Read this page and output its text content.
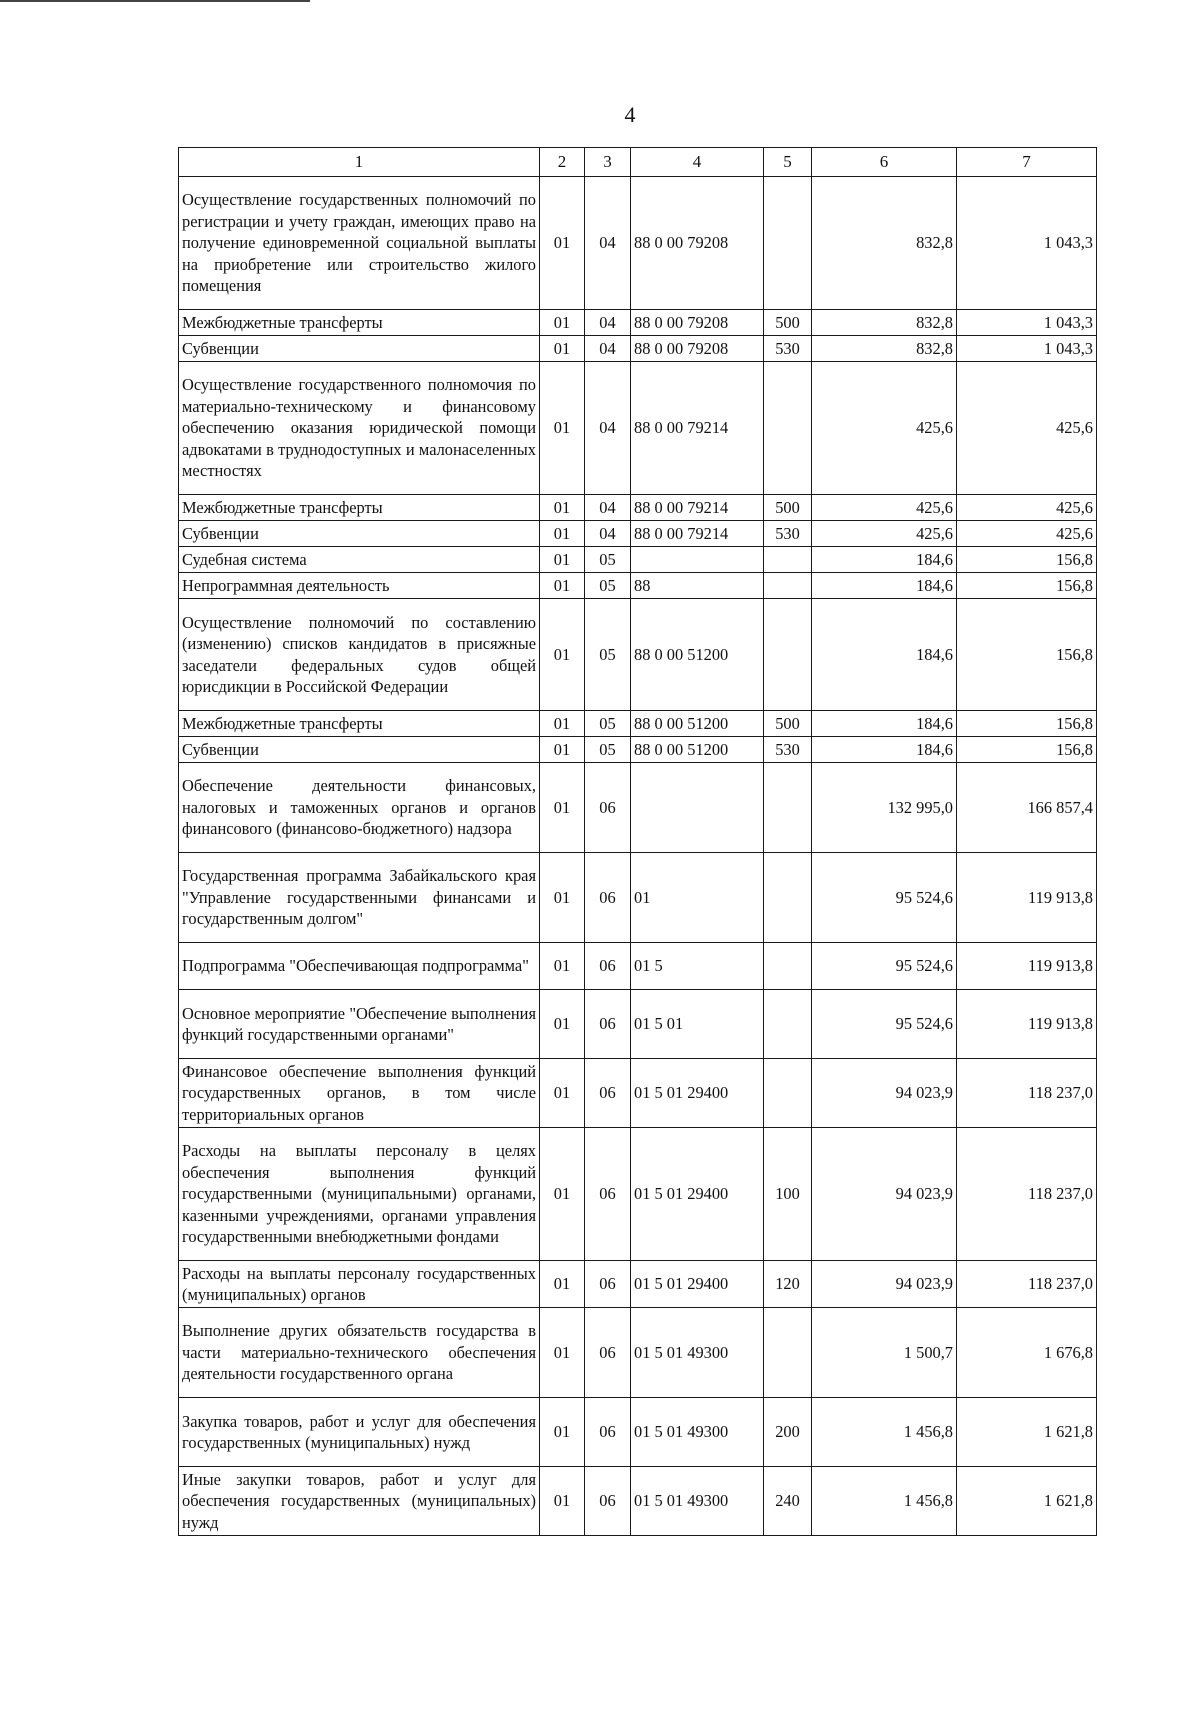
4
1	2	3	4	5	6	7
Осуществление государственных полномочий по регистрации и учету граждан, имеющих право на получение единовременной социальной выплаты на приобретение или строительство жилого помещения	01	04	88 0 00 79208		832,8	1 043,3
Межбюджетные трансферты	01	04	88 0 00 79208	500	832,8	1 043,3
Субвенции	01	04	88 0 00 79208	530	832,8	1 043,3
Осуществление государственного полномочия по материально-техническому и финансовому обеспечению оказания юридической помощи адвокатами в труднодоступных и малонаселенных местностях	01	04	88 0 00 79214		425,6	425,6
Межбюджетные трансферты	01	04	88 0 00 79214	500	425,6	425,6
Субвенции	01	04	88 0 00 79214	530	425,6	425,6
Судебная система	01	05			184,6	156,8
Непрограммная деятельность	01	05	88		184,6	156,8
Осуществление полномочий по составлению (изменению) списков кандидатов в присяжные заседатели федеральных судов общей юрисдикции в Российской Федерации	01	05	88 0 00 51200		184,6	156,8
Межбюджетные трансферты	01	05	88 0 00 51200	500	184,6	156,8
Субвенции	01	05	88 0 00 51200	530	184,6	156,8
Обеспечение деятельности финансовых, налоговых и таможенных органов и органов финансового (финансово-бюджетного) надзора	01	06			132 995,0	166 857,4
Государственная программа Забайкальского края "Управление государственными финансами и государственным долгом"	01	06	01		95 524,6	119 913,8
Подпрограмма "Обеспечивающая подпрограмма"	01	06	01 5		95 524,6	119 913,8
Основное мероприятие "Обеспечение выполнения функций государственными органами"	01	06	01 5 01		95 524,6	119 913,8
Финансовое обеспечение выполнения функций государственных органов, в том числе территориальных органов	01	06	01 5 01 29400		94 023,9	118 237,0
Расходы на выплаты персоналу в целях обеспечения выполнения функций государственными (муниципальными) органами, казенными учреждениями, органами управления государственными внебюджетными фондами	01	06	01 5 01 29400	100	94 023,9	118 237,0
Расходы на выплаты персоналу государственных (муниципальных) органов	01	06	01 5 01 29400	120	94 023,9	118 237,0
Выполнение других обязательств государства в части материально-технического обеспечения деятельности государственного органа	01	06	01 5 01 49300		1 500,7	1 676,8
Закупка товаров, работ и услуг для обеспечения государственных (муниципальных) нужд	01	06	01 5 01 49300	200	1 456,8	1 621,8
Иные закупки товаров, работ и услуг для обеспечения государственных (муниципальных) нужд	01	06	01 5 01 49300	240	1 456,8	1 621,8
